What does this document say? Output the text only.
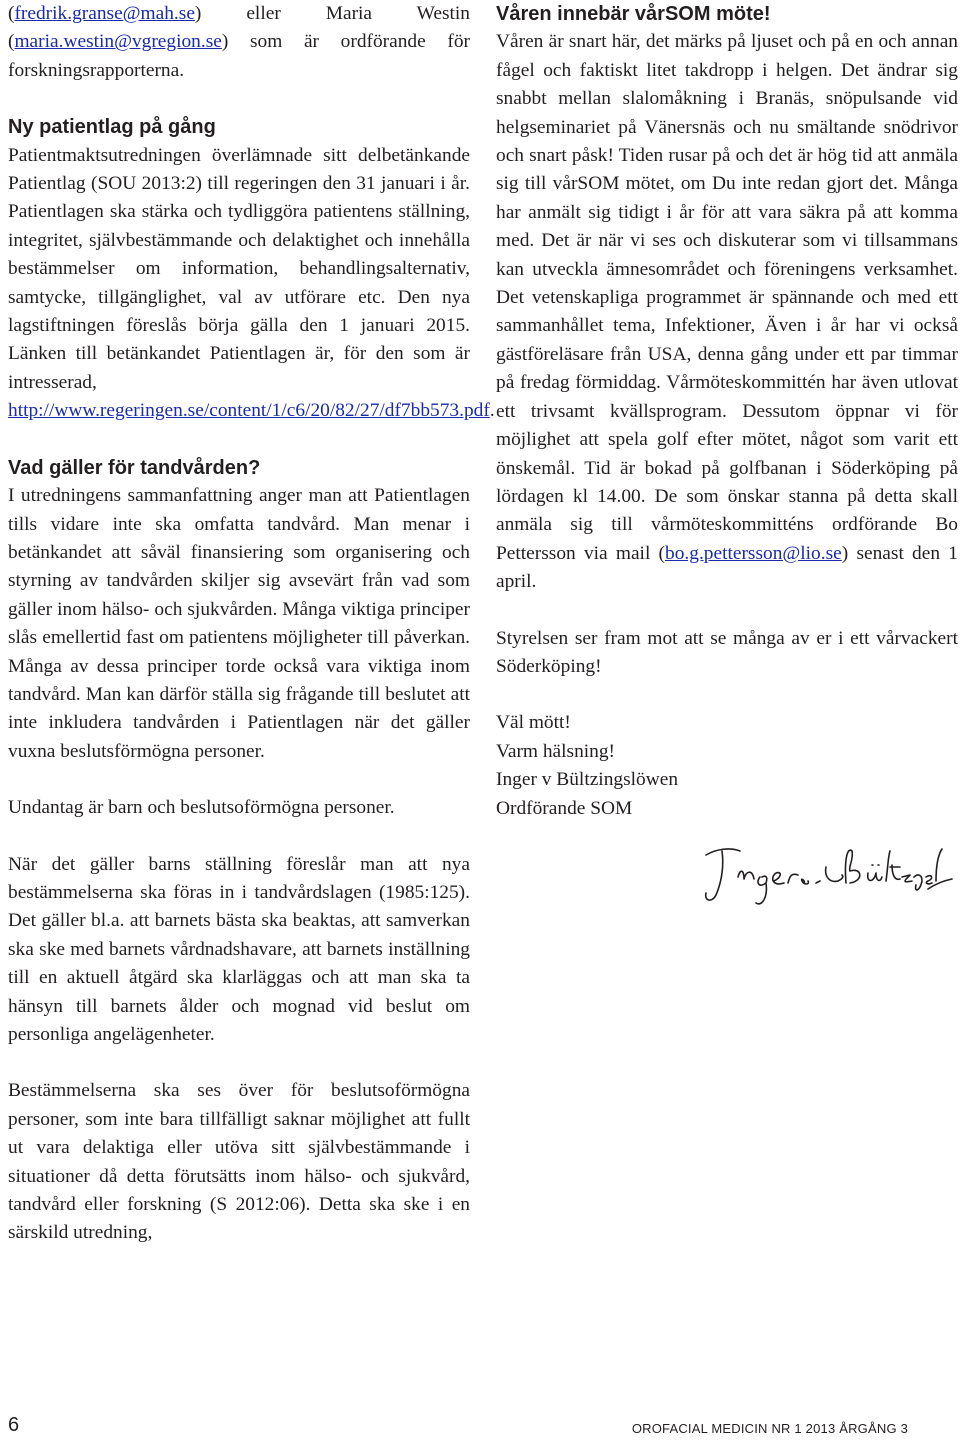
(fredrik.granse@mah.se) eller Maria Westin (maria.westin@vgregion.se) som är ordförande för forskningsrapporterna.

Ny patientlag på gång

Patientmaktsutredningen överlämnade sitt delbetänkande Patientlag (SOU 2013:2) till regeringen den 31 januari i år. Patientlagen ska stärka och tydliggöra patientens ställning, integritet, självbestämmande och delaktighet och innehålla bestämmelser om information, behandlingsalternativ, samtycke, tillgänglighet, val av utförare etc. Den nya lagstiftningen föreslås börja gälla den 1 januari 2015. Länken till betänkandet Patientlagen är, för den som är intresserad, http://www.regeringen.se/content/1/c6/20/82/27/df7bb573.pdf.

Vad gäller för tandvården?

I utredningens sammanfattning anger man att Patientlagen tills vidare inte ska omfatta tandvård. Man menar i betänkandet att såväl finansiering som organisering och styrning av tandvården skiljer sig avsevärt från vad som gäller inom hälso- och sjukvården. Många viktiga principer slås emellertid fast om patientens möjligheter till påverkan. Många av dessa principer torde också vara viktiga inom tandvård. Man kan därför ställa sig frågande till beslutet att inte inkludera tandvården i Patientlagen när det gäller vuxna beslutsförmögna personer.

Undantag är barn och beslutsoförmögna personer.

När det gäller barns ställning föreslår man att nya bestämmelserna ska föras in i tandvårdslagen (1985:125). Det gäller bl.a. att barnets bästa ska beaktas, att samverkan ska ske med barnets vårdnadshavare, att barnets inställning till en aktuell åtgärd ska klarläggas och att man ska ta hänsyn till barnets ålder och mognad vid beslut om personliga angelägenheter.

Bestämmelserna ska ses över för beslutsoförmögna personer, som inte bara tillfälligt saknar möjlighet att fullt ut vara delaktiga eller utöva sitt självbestämmande i situationer då detta förutsätts inom hälso- och sjukvård, tandvård eller forskning (S 2012:06). Detta ska ske i en särskild utredning,

Våren innebär vårSOM möte!

Våren är snart här, det märks på ljuset och på en och annan fågel och faktiskt litet takdropp i helgen. Det ändrar sig snabbt mellan slalomåkning i Branäs, snöpulsande vid helgseminariet på Vänersnäs och nu smältande snödrivor och snart påsk! Tiden rusar på och det är hög tid att anmäla sig till vårSOM mötet, om Du inte redan gjort det. Många har anmält sig tidigt i år för att vara säkra på att komma med. Det är när vi ses och diskuterar som vi tillsammans kan utveckla ämnesområdet och föreningens verksamhet. Det vetenskapliga programmet är spännande och med ett sammanhållet tema, Infektioner, Även i år har vi också gästföreläsare från USA, denna gång under ett par timmar på fredag förmiddag. Vårmöteskommittén har även utlovat ett trivsamt kvällsprogram. Dessutom öppnar vi för möjlighet att spela golf efter mötet, något som varit ett önskemål. Tid är bokad på golfbanan i Söderköping på lördagen kl 14.00. De som önskar stanna på detta skall anmäla sig till vårmöteskommitténs ordförande Bo Pettersson via mail (bo.g.pettersson@lio.se) senast den 1 april.

Styrelsen ser fram mot att se många av er i ett vårvackert Söderköping!

Väl mött!

Varm hälsning!

Inger v Bültzingslöwen

Ordförande SOM

6	OROFACIAL MEDICIN NR 1 2013 ÅRGÅNG 3
